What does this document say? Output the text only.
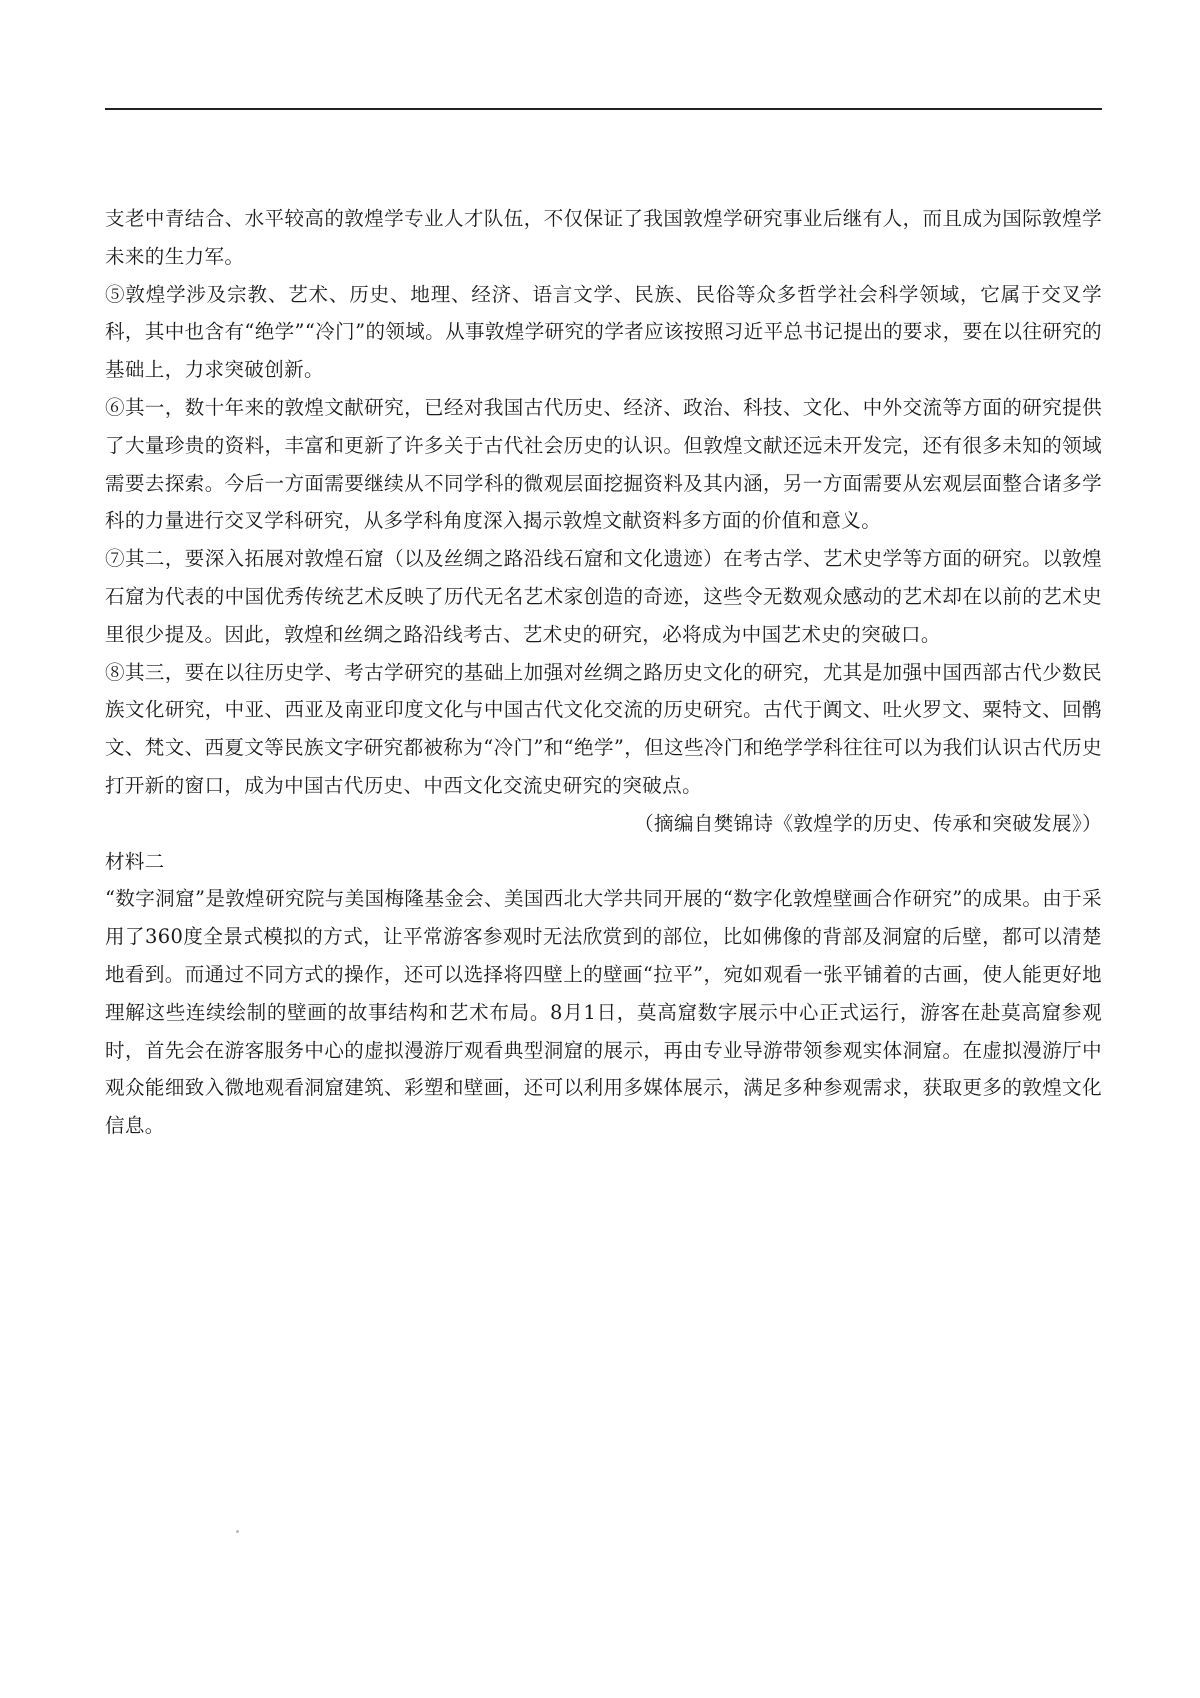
支老中青结合、水平较高的敦煌学专业人才队伍，不仅保证了我国敦煌学研究事业后继有人，而且成为国际敦煌学未来的生力军。

⑤敦煌学涉及宗教、艺术、历史、地理、经济、语言文学、民族、民俗等众多哲学社会科学领域，它属于交叉学科，其中也含有“绝学”“冷门”的领域。从事敦煌学研究的学者应该按照习近平总书记提出的要求，要在以往研究的基础上，力求突破创新。

⑥其一，数十年来的敦煌文献研究，已经对我国古代历史、经济、政治、科技、文化、中外交流等方面的研究提供了大量珍贵的资料，丰富和更新了许多关于古代社会历史的认识。但敦煌文献还远未开发完，还有很多未知的领域需要去探索。今后一方面需要继续从不同学科的微观层面挖掘资料及其内涵，另一方面需要从宏观层面整合诸多学科的力量进行交叉学科研究，从多学科角度深入揭示敦煌文献资料多方面的价值和意义。

⑦其二，要深入拓展对敦煌石窟（以及丝绸之路沿线石窟和文化遗迹）在考古学、艺术史学等方面的研究。以敦煌石窟为代表的中国优秀传统艺术反映了历代无名艺术家创造的奇迹，这些令无数观众感动的艺术却在以前的艺术史里很少提及。因此，敦煌和丝绸之路沿线考古、艺术史的研究，必将成为中国艺术史的突破口。

⑧其三，要在以往历史学、考古学研究的基础上加强对丝绸之路历史文化的研究，尤其是加强中国西部古代少数民族文化研究，中亚、西亚及南亚印度文化与中国古代文化交流的历史研究。古代于阗文、吐火罗文、粟特文、回鹘文、梵文、西夏文等民族文字研究都被称为“冷门”和“绝学”，但这些冷门和绝学学科往往可以为我们认识古代历史打开新的窗口，成为中国古代历史、中西文化交流史研究的突破点。

（摘编自樊锦诗《敦煌学的历史、传承和突破发展》）

材料二

“数字洞窟”是敦煌研究院与美国梅隆基金会、美国西北大学共同开展的“数字化敦煌壁画合作研究”的成果。由于采用了360度全景式模拟的方式，让平常游客参观时无法欣赏到的部位，比如佛像的背部及洞窟的后壁，都可以清楚地看到。而通过不同方式的操作，还可以选择将四壁上的壁画“拉平”，宛如观看一张平铺着的古画，使人能更好地理解这些连续绘制的壁画的故事结构和艺术布局。8月1日，莫高窟数字展示中心正式运行，游客在赴莫高窟参观时，首先会在游客服务中心的虚拟漫游厅观看典型洞窟的展示，再由专业导游带领参观实体洞窟。在虚拟漫游厅中观众能细致入微地观看洞窟建筑、彩塑和壁画，还可以利用多媒体展示，满足多种参观需求，获取更多的敦煌文化信息。
